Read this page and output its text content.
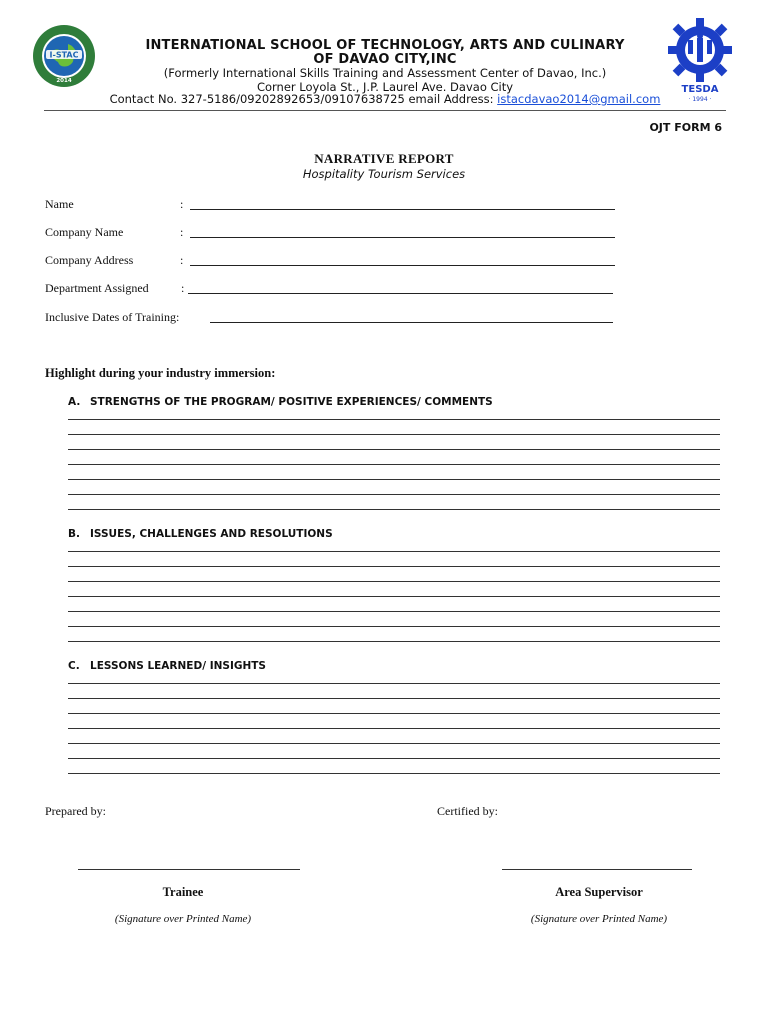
I-STAC
2014
TESDA
· 1994 ·
INTERNATIONAL SCHOOL OF TECHNOLOGY, ARTS AND CULINARY
OF DAVAO CITY,INC
(Formerly International Skills Training and Assessment Center of Davao, Inc.)
Corner Loyola St., J.P. Laurel Ave. Davao City
Contact No. 327-5186/09202892653/09107638725 email Address: istacdavao2014@gmail.com
OJT FORM 6
NARRATIVE REPORT
Hospitality Tourism Services
Name	:
Company Name	:
Company Address	:
Department Assigned	:
Inclusive Dates of Training:
Highlight during your industry immersion:
A. STRENGTHS OF THE PROGRAM/ POSITIVE EXPERIENCES/ COMMENTS
B. ISSUES, CHALLENGES AND RESOLUTIONS
C. LESSONS LEARNED/ INSIGHTS
Prepared by:	Certified by:
Trainee	Area Supervisor
(Signature over Printed Name)	(Signature over Printed Name)
